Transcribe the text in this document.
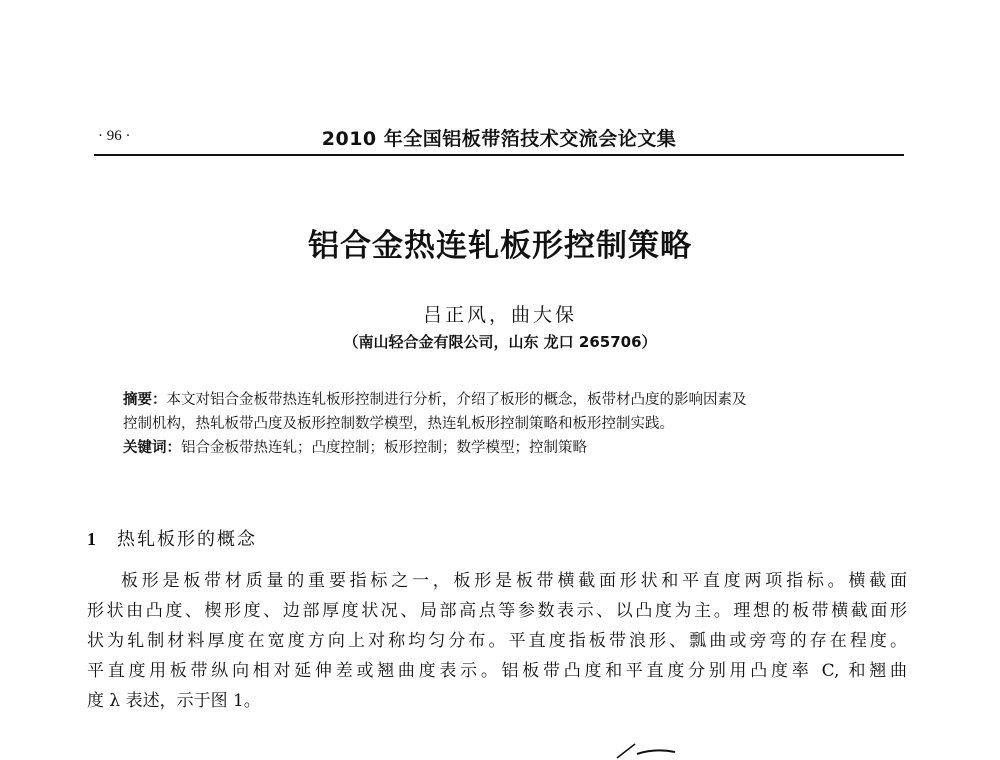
· 96 ·	2010 年全国铝板带箔技术交流会论文集
铝合金热连轧板形控制策略
吕正风，曲大保
（南山轻合金有限公司，山东 龙口 265706）
摘要：本文对铝合金板带热连轧板形控制进行分析，介绍了板形的概念，板带材凸度的影响因素及
控制机构，热轧板带凸度及板形控制数学模型，热连轧板形控制策略和板形控制实践。
关键词：铝合金板带热连轧；凸度控制；板形控制；数学模型；控制策略
1 热轧板形的概念
板形是板带材质量的重要指标之一，板形是板带横截面形状和平直度两项指标。横截面
形状由凸度、楔形度、边部厚度状况、局部高点等参数表示、以凸度为主。理想的板带横截面形
状为轧制材料厚度在宽度方向上对称均匀分布。平直度指板带浪形、瓢曲或旁弯的存在程度。
平直度用板带纵向相对延伸差或翘曲度表示。铝板带凸度和平直度分别用凸度率 C, 和翘曲
度 λ 表述，示于图 1。
